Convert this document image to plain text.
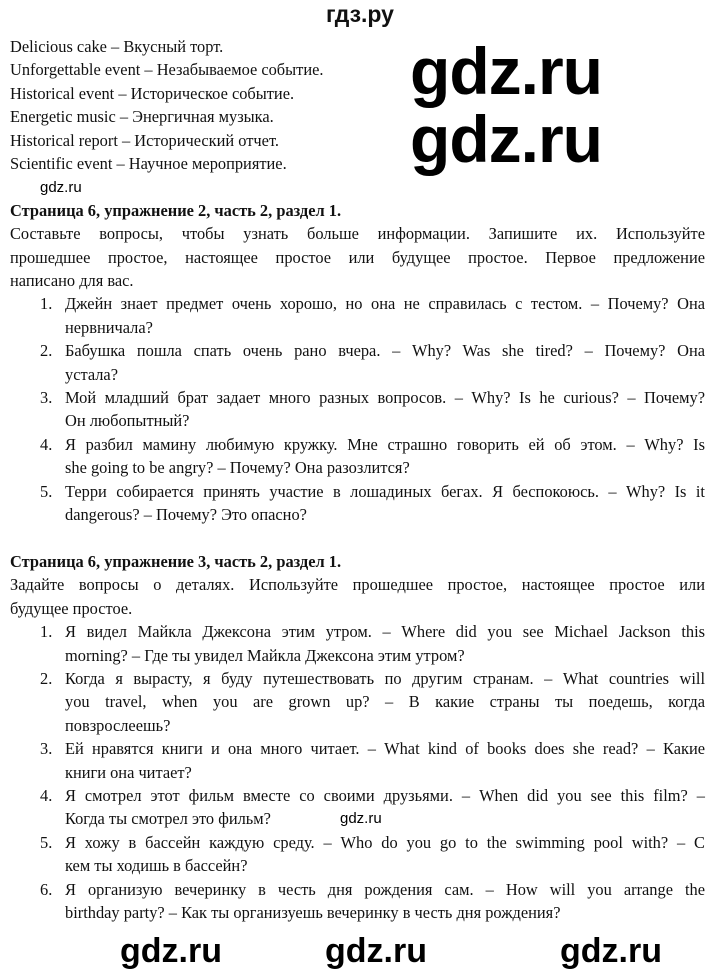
гдз.ру
Delicious cake – Вкусный торт.
Unforgettable event – Незабываемое событие.
Historical event – Историческое событие.
Energetic music – Энергичная музыка.
Historical report – Исторический отчет.
Scientific event – Научное мероприятие.
Страница 6, упражнение 2, часть 2, раздел 1.
Составьте вопросы, чтобы узнать больше информации. Запишите их. Используйте
прошедшее простое, настоящее простое или будущее простое. Первое предложение
написано для вас.
1. Джейн знает предмет очень хорошо, но она не справилась с тестом. – Почему? Она
нервничала?
2. Бабушка пошла спать очень рано вчера. – Why? Was she tired? – Почему? Она
устала?
3. Мой младший брат задает много разных вопросов. – Why? Is he curious? – Почему?
Он любопытный?
4. Я разбил мамину любимую кружку. Мне страшно говорить ей об этом. – Why? Is
she going to be angry? – Почему? Она разозлится?
5. Терри собирается принять участие в лошадиных бегах. Я беспокоюсь. – Why? Is it
dangerous? – Почему? Это опасно?
Страница 6, упражнение 3, часть 2, раздел 1.
Задайте вопросы о деталях. Используйте прошедшее простое, настоящее простое или
будущее простое.
1. Я видел Майкла Джексона этим утром. – Where did you see Michael Jackson this
morning? – Где ты увидел Майкла Джексона этим утром?
2. Когда я вырасту, я буду путешествовать по другим странам. – What countries will
you travel, when you are grown up? – В какие страны ты поедешь, когда
повзрослеешь?
3. Ей нравятся книги и она много читает. – What kind of books does she read? – Какие
книги она читает?
4. Я смотрел этот фильм вместе со своими друзьями. – When did you see this film? –
Когда ты смотрел это фильм?
5. Я хожу в бассейн каждую среду. – Who do you go to the swimming pool with? – С
кем ты ходишь в бассейн?
6. Я организую вечеринку в честь дня рождения сам. – How will you arrange the
birthday party? – Как ты организуешь вечеринку в честь дня рождения?
gdz.ru
gdz.ru
gdz.ru
gdz.ru
gdz.ru	gdz.ru
gdz.ru
